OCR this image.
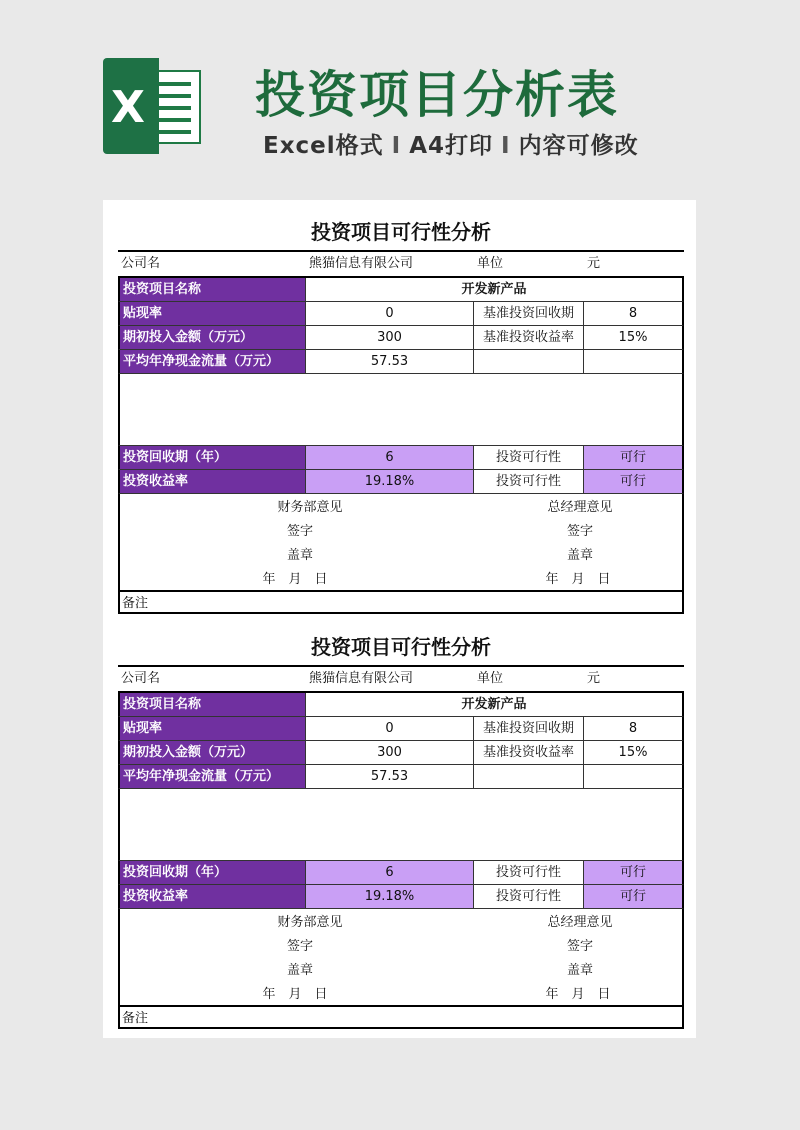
X 投资项目分析表
Excel格式 I A4打印 I 内容可修改
投资项目可行性分析
公司名	熊猫信息有限公司	单位	元
投资项目名称	开发新产品
贴现率	0	基准投资回收期	8
期初投入金额（万元）	300	基准投资收益率	15%
平均年净现金流量（万元）	57.53
投资回收期（年）	6	投资可行性	可行
投资收益率	19.18%	投资可行性	可行
财务部意见	总经理意见
签字	签字
盖章	盖章
年　月　日	年　月　日
备注
投资项目可行性分析
公司名	熊猫信息有限公司	单位	元
投资项目名称	开发新产品
贴现率	0	基准投资回收期	8
期初投入金额（万元）	300	基准投资收益率	15%
平均年净现金流量（万元）	57.53
投资回收期（年）	6	投资可行性	可行
投资收益率	19.18%	投资可行性	可行
财务部意见	总经理意见
签字	签字
盖章	盖章
年　月　日	年　月　日
备注
